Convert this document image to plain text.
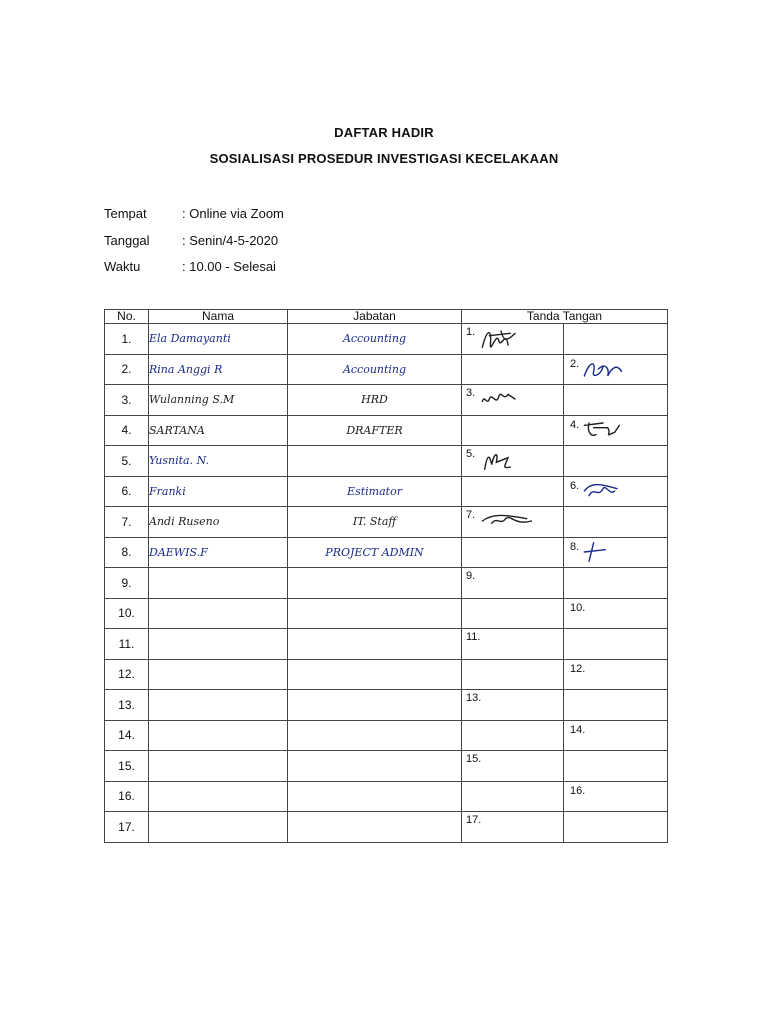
DAFTAR HADIR
SOSIALISASI PROSEDUR INVESTIGASI KECELAKAAN
Tempat	: Online via Zoom
Tanggal	: Senin/4-5-2020
Waktu	: 10.00 - Selesai
No.	Nama	Jabatan	Tanda Tangan	
1.	Ela Damayanti	Accounting	1.	

2.	Rina Anggi R	Accounting		2.

3.	Wulanning S.M	HRD	3.	

4.	SARTANA	DRAFTER		4.

5.	Yusnita. N.		5.	

6.	Franki	Estimator		6.

7.	Andi Ruseno	IT. Staff	7.	

8.	DAEWIS.F	PROJECT ADMIN		8.

9.			9.	

10.				10.

11.			11.	

12.				12.

13.			13.	

14.				14.

15.			15.	

16.				16.

17.			17.	
